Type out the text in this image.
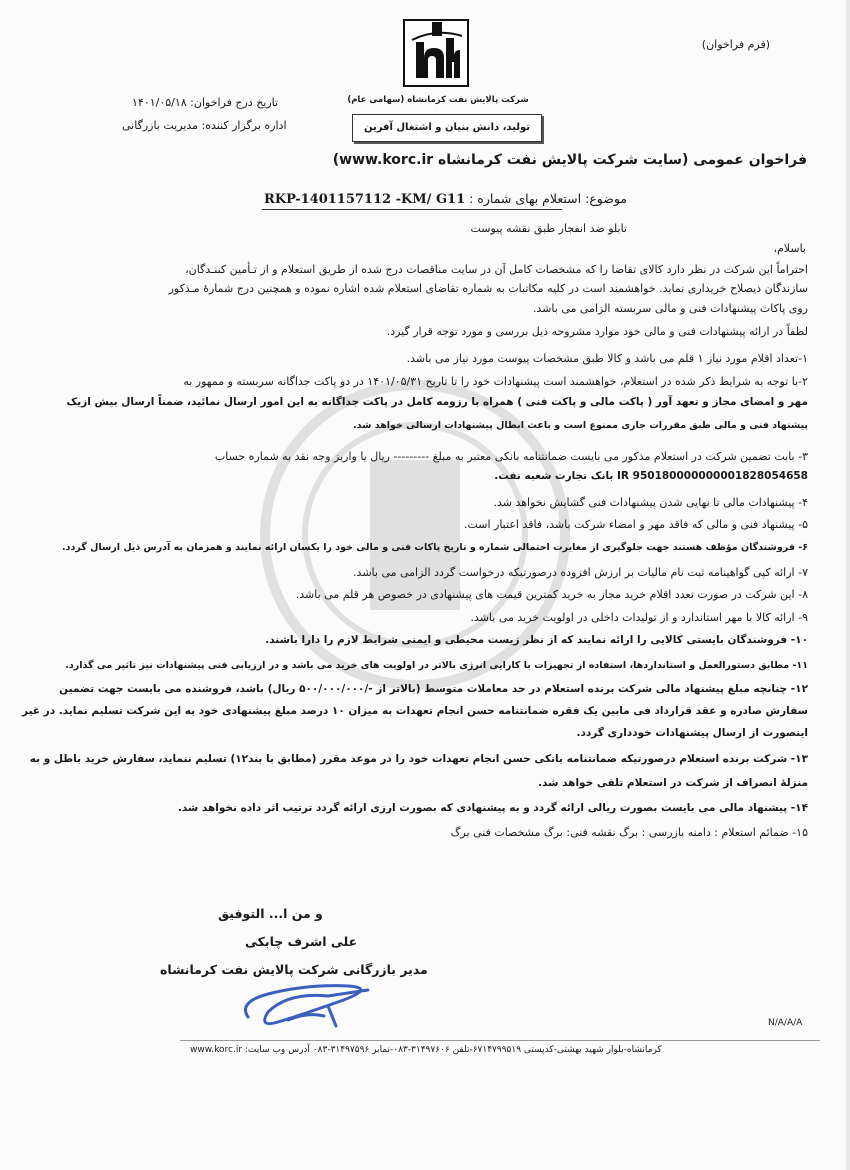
(فرم فراخوان)
شرکت پالایش نفت کرمانشاه (سهامی عام)
تولید، دانش بنیان و اشتغال آفرین
تاریخ درج فراخوان: ۱۴۰۱/۰۵/۱۸
اداره برگزار کننده: مدیریت بازرگانی
فراخوان عمومی (سایت شرکت پالایش نفت کرمانشاه www.korc.ir)
موضوع: استعلام بهای شماره : RKP-1401157112 -KM/ G11
تابلو ضد انفجار طبق نقشه پیوست
باسلام،
احتراماً این شرکت در نظر دارد کالای تقاضا را که مشخصات کامل آن در سایت مناقصات درج شده از طریق استعلام و از تـأمین کننـدگان،
سازندگان ذیصلاح خریداری نماید. خواهشمند است در کلیه مکاتبات به شماره تقاضای استعلام شده اشاره نموده و همچنین درج شمارهٔ مـذکور
روی پاکات پیشنهادات فنی و مالی سربسته الزامی می باشد.
لطفاً در ارائه پیشنهادات فنی و مالی خود موارد مشروحه ذیل بررسی و مورد توجه قرار گیرد.
۱-تعداد اقلام مورد نیاز ۱ قلم می باشد و کالا طبق مشخصات پیوست مورد نیاز می باشد.
۲-با توجه به شرایط ذکر شده در استعلام، خواهشمند است پیشنهادات خود را تا تاریخ ۱۴۰۱/۰۵/۳۱ در دو پاکت جداگانه سربسته و ممهور به
مهر و امضای مجاز و تعهد آور ( پاکت مالی و پاکت فنی ) همراه با رزومه کامل در پاکت جداگانه به این امور ارسال نمائید، ضمناً ارسال بیش ازیک
پیشنهاد فنی و مالی طبق مقررات جاری ممنوع است و باعث ابطال پیشنهادات ارسالی خواهد شد.
۳- بابت تضمین شرکت در استعلام مذکور می بایست ضمانتنامه بانکی معتبر به مبلغ --------- ریال یا واریز وجه نقد به شماره حساب
IR 950180000000001828054658 بانک تجارت شعبه نفت.
۴- پیشنهادات مالی تا نهایی شدن پیشنهادات فنی گشایش نخواهد شد.
۵- پیشنهاد فنی و مالی که فاقد مهر و امضاء شرکت باشد، فاقد اعتبار است.
۶- فروشندگان مؤظف هستند جهت جلوگیری از مغایرت احتمالی شماره و تاریخ پاکات فنی و مالی خود را یکسان ارائه نمایند و همزمان به آدرس ذیل ارسال گردد.
۷- ارائه کپی گواهینامه ثبت نام مالیات بر ارزش افزوده درصورتیکه درخواست گردد الزامی می باشد.
۸- این شرکت در صورت تعدد اقلام خرید مجاز به خرید کمترین قیمت های پیشنهادی در خصوص هر قلم می باشد.
۹- ارائه کالا با مهر استاندارد و از تولیدات داخلی در اولویت خرید می باشد.
۱۰- فروشندگان بایستی کالایی را ارائه نمایند که از نظر زیست محیطی و ایمنی شرایط لازم را دارا باشند.
۱۱- مطابق دستورالعمل و استانداردها، استفاده از تجهیزات با کارایی انرژی بالاتر در اولویت های خرید می باشد و در ارزیابی فنی پیشنهادات نیز تاثیر می گذارد.
۱۲- چنانچه مبلغ پیشنهاد مالی شرکت برنده استعلام در حد معاملات متوسط (بالاتر از -/۵۰۰/۰۰۰/۰۰۰ ریال) باشد، فروشنده می بایست جهت تضمین
سفارش صادره و عقد قرارداد فی مابین یک فقره ضمانتنامه حسن انجام تعهدات به میزان ۱۰ درصد مبلغ پیشنهادی خود به این شرکت تسلیم نماید. در غیر
اینصورت از ارسال پیشنهادات خودداری گردد.
۱۳- شرکت برنده استعلام درصورتیکه ضمانتنامه بانکی حسن انجام تعهدات خود را در موعد مقرر (مطابق با بند۱۲) تسلیم ننماید، سفارش خرید باطل و به
منزلهٔ انصراف از شرکت در استعلام تلقی خواهد شد.
۱۴- پیشنهاد مالی می بایست بصورت ریالی ارائه گردد و به پیشنهادی که بصورت ارزی ارائه گردد ترتیب اثر داده نخواهد شد.
۱۵- ضمائم استعلام : دامنه بازرسی : برگ نقشه فنی: برگ مشخصات فنی برگ
و من ا... التوفیق
علی اشرف چابکی
مدیر بازرگانی شرکت پالایش نفت کرمانشاه
N/A/A/A
کرمانشاه-بلوار شهید بهشتی-کدپستی ۶۷۱۴۷۹۹۵۱۹-تلفن ۳۱۴۹۷۶۰۶-۰۸۳-نمابر ۳۱۴۹۷۵۹۶-۰۸۳ آدرس وب سایت: www.korc.ir
